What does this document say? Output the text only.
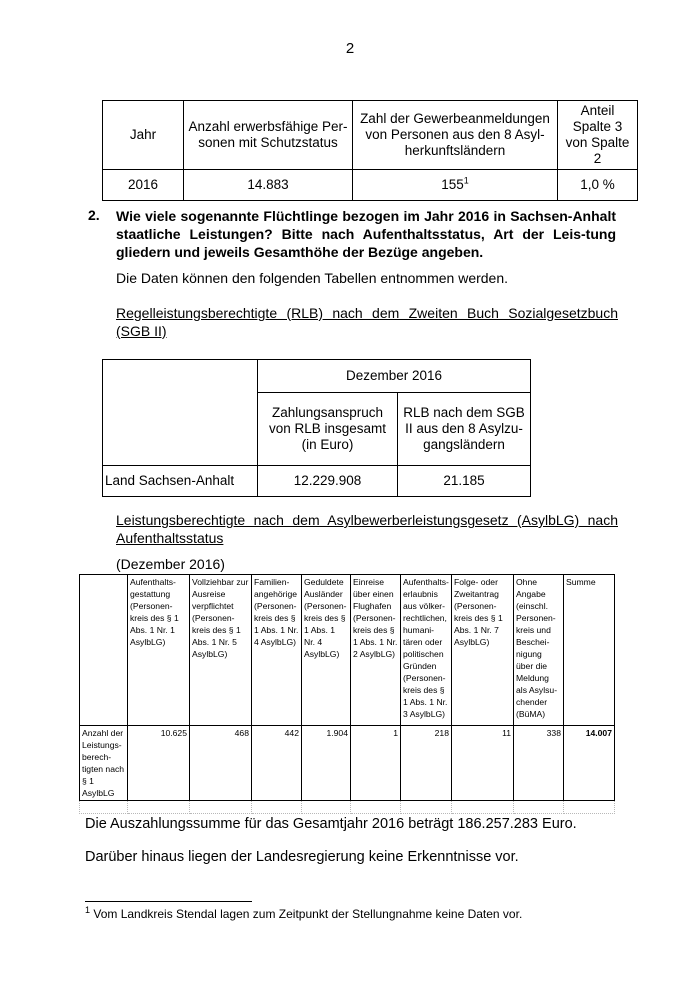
2
Jahr	Anzahl erwerbsfähige Per- sonen mit Schutzstatus	Zahl der Gewerbeanmeldungen von Personen aus den 8 Asyl- herkunftsländern	Anteil Spalte 3 von Spalte 2
2016	14.883	$155^1$	1,0 %
2. Wie viele sogenannte Flüchtlinge bezogen im Jahr 2016 in Sachsen-Anhalt staatliche Leistungen? Bitte nach Aufenthaltsstatus, Art der Leis-tung gliedern und jeweils Gesamthöhe der Bezüge angeben.
Die Daten können den folgenden Tabellen entnommen werden.
Regelleistungsberechtigte (RLB) nach dem Zweiten Buch Sozialgesetzbuch (SGB II)
	Dezember 2016	
	Zahlungsanspruch von RLB insgesamt (in Euro)	RLB nach dem SGB II aus den 8 Asylzu- gangsländern
Land Sachsen-Anhalt	12.229.908	21.185
Leistungsberechtigte nach dem Asylbewerberleistungsgesetz (AsylbLG) nach Aufenthaltsstatus
(Dezember 2016)
	Aufenthalts- gestattung (Personen- kreis des § 1 Abs. 1 Nr. 1 AsylbLG)	Vollziehbar zur Ausreise verpflichtet (Personen- kreis des § 1 Abs. 1 Nr. 5 AsylbLG)	Familien- angehörige (Personen- kreis des § 1 Abs. 1 Nr. 4 AsylbLG)	Geduldete Ausländer (Personen- kreis des § 1 Abs. 1 Nr. 4 AsylbLG)	Einreise über einen Flughafen (Personen- kreis des § 1 Abs. 1 Nr. 2 AsylbLG)	Aufenthalts- erlaubnis aus völker- rechtlichen, humani- tären oder politischen Gründen (Personen- kreis des § 1 Abs. 1 Nr. 3 AsylbLG)	Folge- oder Zweitantrag (Personen- kreis des § 1 Abs. 1 Nr. 7 AsylbLG)	Ohne Angabe (einschl. Personen- kreis und Beschei- nigung über die Meldung als Asylsu- chender (BüMA)	Summe
Anzahl der Leistungs- berech- tigten nach § 1 AsylbLG	10.625	468	442	1.904	1	218	11	338	14.007

Die Auszahlungssumme für das Gesamtjahr 2016 beträgt 186.257.283 Euro.
Darüber hinaus liegen der Landesregierung keine Erkenntnisse vor.
$^1$ Vom Landkreis Stendal lagen zum Zeitpunkt der Stellungnahme keine Daten vor.
